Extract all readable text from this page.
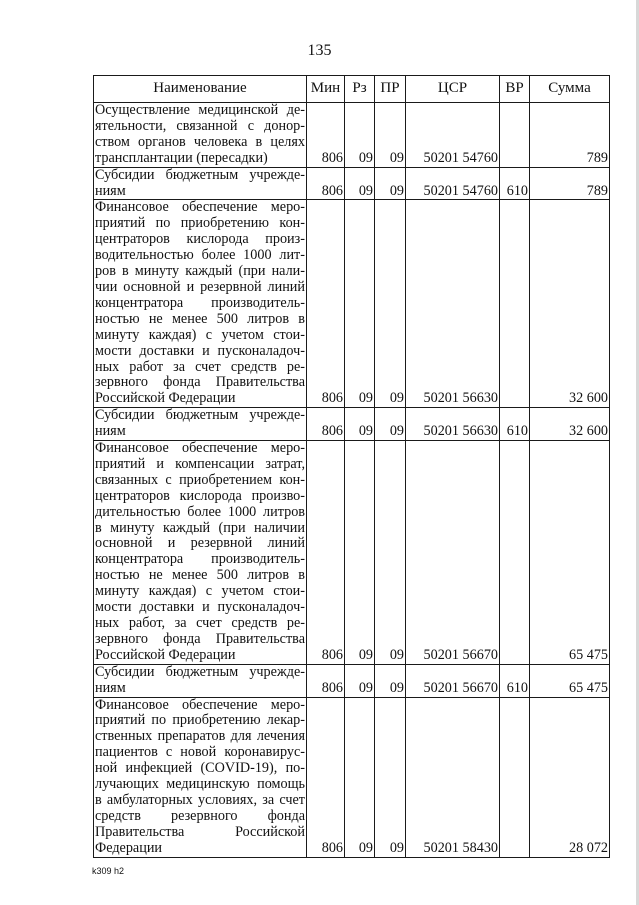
135
Наименование	Мин	Рз	ПР	ЦСР	ВР	Сумма
Осуществление медицинской деятельности, связанной с донорством органов человека в целях трансплантации (пересадки)	806	09	09	50201 54760		789
Субсидии бюджетным учреждениям	806	09	09	50201 54760	610	789
Финансовое обеспечение мероприятий по приобретению концентраторов кислорода производительностью более 1000 литров в минуту каждый (при наличии основной и резервной линий концентратора производительностью не менее 500 литров в минуту каждая) с учетом стоимости доставки и пусконаладочных работ за счет средств резервного фонда Правительства Российской Федерации	806	09	09	50201 56630		32 600
Субсидии бюджетным учреждениям	806	09	09	50201 56630	610	32 600
Финансовое обеспечение мероприятий и компенсации затрат, связанных с приобретением концентраторов кислорода производительностью более 1000 литров в минуту каждый (при наличии основной и резервной линий концентратора производительностью не менее 500 литров в минуту каждая) с учетом стоимости доставки и пусконаладочных работ, за счет средств резервного фонда Правительства Российской Федерации	806	09	09	50201 56670		65 475
Субсидии бюджетным учреждениям	806	09	09	50201 56670	610	65 475
Финансовое обеспечение мероприятий по приобретению лекарственных препаратов для лечения пациентов с новой коронавирусной инфекцией (COVID-19), получающих медицинскую помощь в амбулаторных условиях, за счет средств резервного фонда Правительства Российской Федерации	806	09	09	50201 58430		28 072
k309 h2
